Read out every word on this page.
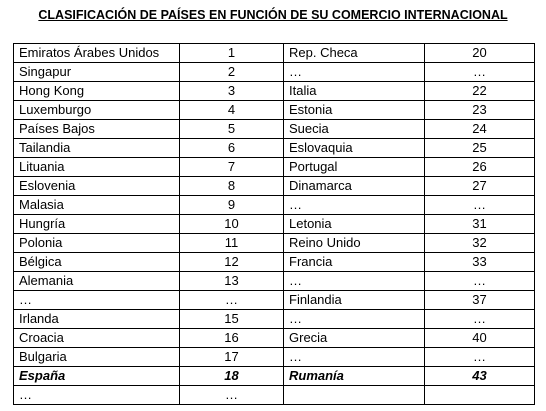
CLASIFICACIÓN DE PAÍSES EN FUNCIÓN DE SU COMERCIO INTERNACIONAL
Emiratos Árabes Unidos	1	Rep. Checa	20
Singapur	2	…	…
Hong Kong	3	Italia	22
Luxemburgo	4	Estonia	23
Países Bajos	5	Suecia	24
Tailandia	6	Eslovaquia	25
Lituania	7	Portugal	26
Eslovenia	8	Dinamarca	27
Malasia	9	…	…
Hungría	10	Letonia	31
Polonia	11	Reino Unido	32
Bélgica	12	Francia	33
Alemania	13	…	…
…	…	Finlandia	37
Irlanda	15	…	…
Croacia	16	Grecia	40
Bulgaria	17	…	…
España	18	Rumanía	43
…	…		
